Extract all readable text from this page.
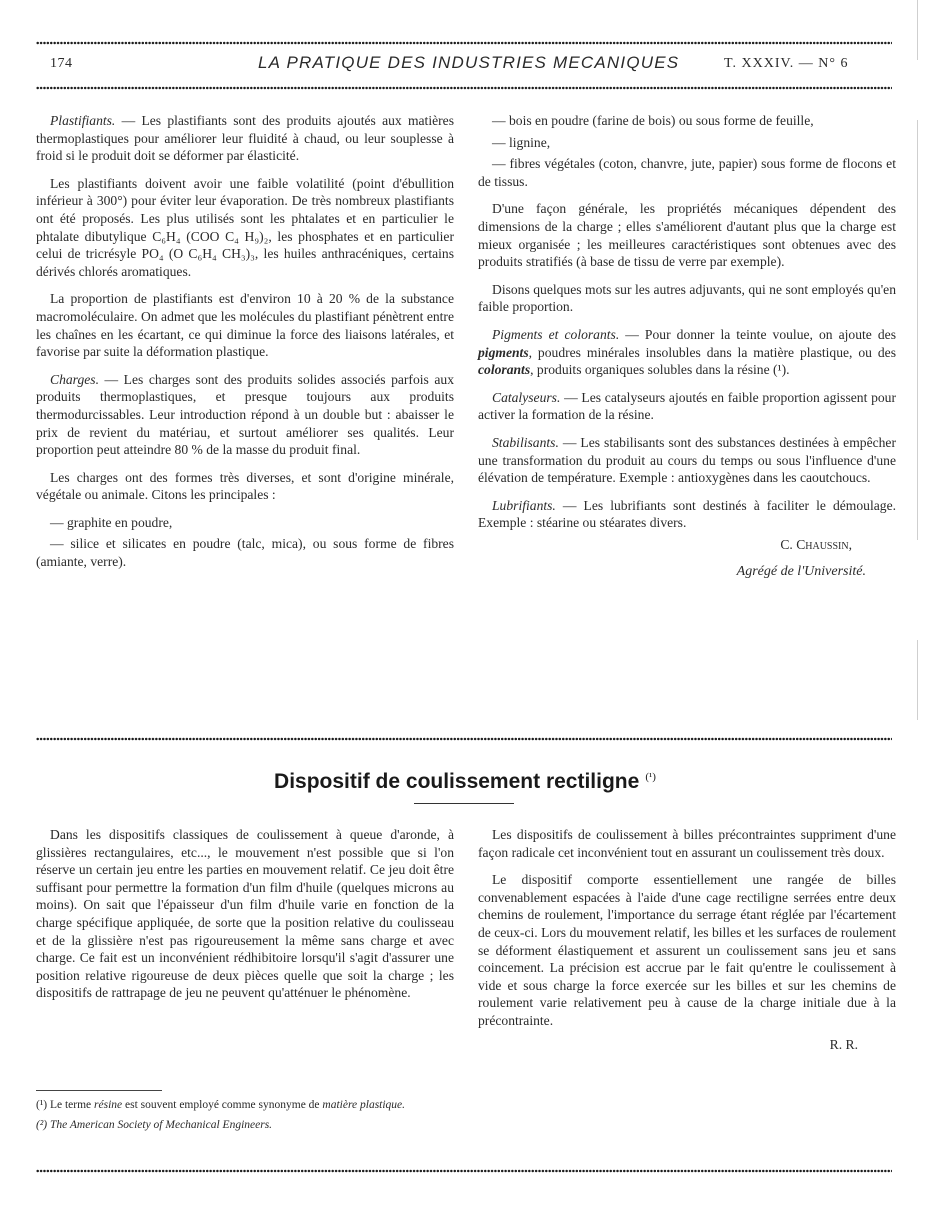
174	LA PRATIQUE DES INDUSTRIES MECANIQUES	T. XXXIV. — N° 6

Plastifiants. — Les plastifiants sont des produits ajoutés aux matières thermoplastiques pour améliorer leur fluidité à chaud, ou leur souplesse à froid si le produit doit se déformer par élasticité.

Les plastifiants doivent avoir une faible volatilité (point d'ébullition inférieur à 300°) pour éviter leur évaporation. De très nombreux plastifiants ont été proposés. Les plus utilisés sont les phtalates et en particulier le phtalate dibutylique C₆H₄ (COO C₄ H₉)₂, les phosphates et en particulier celui de tricrésyle PO₄ (O C₆H₄ CH₃)₃, les huiles anthracéniques, certains dérivés chlorés aromatiques.

La proportion de plastifiants est d'environ 10 à 20 % de la substance macromoléculaire. On admet que les molécules du plastifiant pénètrent entre les chaînes en les écartant, ce qui diminue la force des liaisons latérales, et favorise par suite la déformation plastique.

Charges. — Les charges sont des produits solides associés parfois aux produits thermoplastiques, et presque toujours aux produits thermodurcissables. Leur introduction répond à un double but : abaisser le prix de revient du matériau, et surtout améliorer ses qualités. Leur proportion peut atteindre 80 % de la masse du produit final.

Les charges ont des formes très diverses, et sont d'origine minérale, végétale ou animale. Citons les principales :

— graphite en poudre,

— silice et silicates en poudre (talc, mica), ou sous forme de fibres (amiante, verre).

— bois en poudre (farine de bois) ou sous forme de feuille,

— lignine,

— fibres végétales (coton, chanvre, jute, papier) sous forme de flocons et de tissus.

D'une façon générale, les propriétés mécaniques dépendent des dimensions de la charge ; elles s'améliorent d'autant plus que la charge est mieux organisée ; les meilleures caractéristiques sont obtenues avec des produits stratifiés (à base de tissu de verre par exemple).

Disons quelques mots sur les autres adjuvants, qui ne sont employés qu'en faible proportion.

Pigments et colorants. — Pour donner la teinte voulue, on ajoute des pigments, poudres minérales insolubles dans la matière plastique, ou des colorants, produits organiques solubles dans la résine (¹).

Catalyseurs. — Les catalyseurs ajoutés en faible proportion agissent pour activer la formation de la résine.

Stabilisants. — Les stabilisants sont des substances destinées à empêcher une transformation du produit au cours du temps ou sous l'influence d'une élévation de température. Exemple : antioxygènes dans les caoutchoucs.

Lubrifiants. — Les lubrifiants sont destinés à faciliter le démoulage. Exemple : stéarine ou stéarates divers.

C. Chaussin,

Agrégé de l'Université.

Dispositif de coulissement rectiligne $^{(^1)}$

Dans les dispositifs classiques de coulissement à queue d'aronde, à glissières rectangulaires, etc..., le mouvement n'est possible que si l'on réserve un certain jeu entre les parties en mouvement relatif. Ce jeu doit être suffisant pour permettre la formation d'un film d'huile (quelques microns au moins). On sait que l'épaisseur d'un film d'huile varie en fonction de la charge spécifique appliquée, de sorte que la position relative du coulisseau et de la glissière n'est pas rigoureusement la même sans charge et avec charge. Ce fait est un inconvénient rédhibitoire lorsqu'il s'agit d'assurer une position relative rigoureuse de deux pièces quelle que soit la charge ; les dispositifs de rattrapage de jeu ne peuvent qu'atténuer le phénomène.

(¹) Le terme résine est souvent employé comme synonyme de matière plastique.

(²) The American Society of Mechanical Engineers.

Les dispositifs de coulissement à billes précontraintes suppriment d'une façon radicale cet inconvénient tout en assurant un coulissement très doux.

Le dispositif comporte essentiellement une rangée de billes convenablement espacées à l'aide d'une cage rectiligne serrées entre deux chemins de roulement, l'importance du serrage étant réglée par l'écartement de ceux-ci. Lors du mouvement relatif, les billes et les surfaces de roulement se déforment élastiquement et assurent un coulissement sans jeu et sans coincement. La précision est accrue par le fait qu'entre le coulissement à vide et sous charge la force exercée sur les billes et sur les chemins de roulement varie relativement peu à cause de la charge initiale due à la précontrainte.

R. R.
